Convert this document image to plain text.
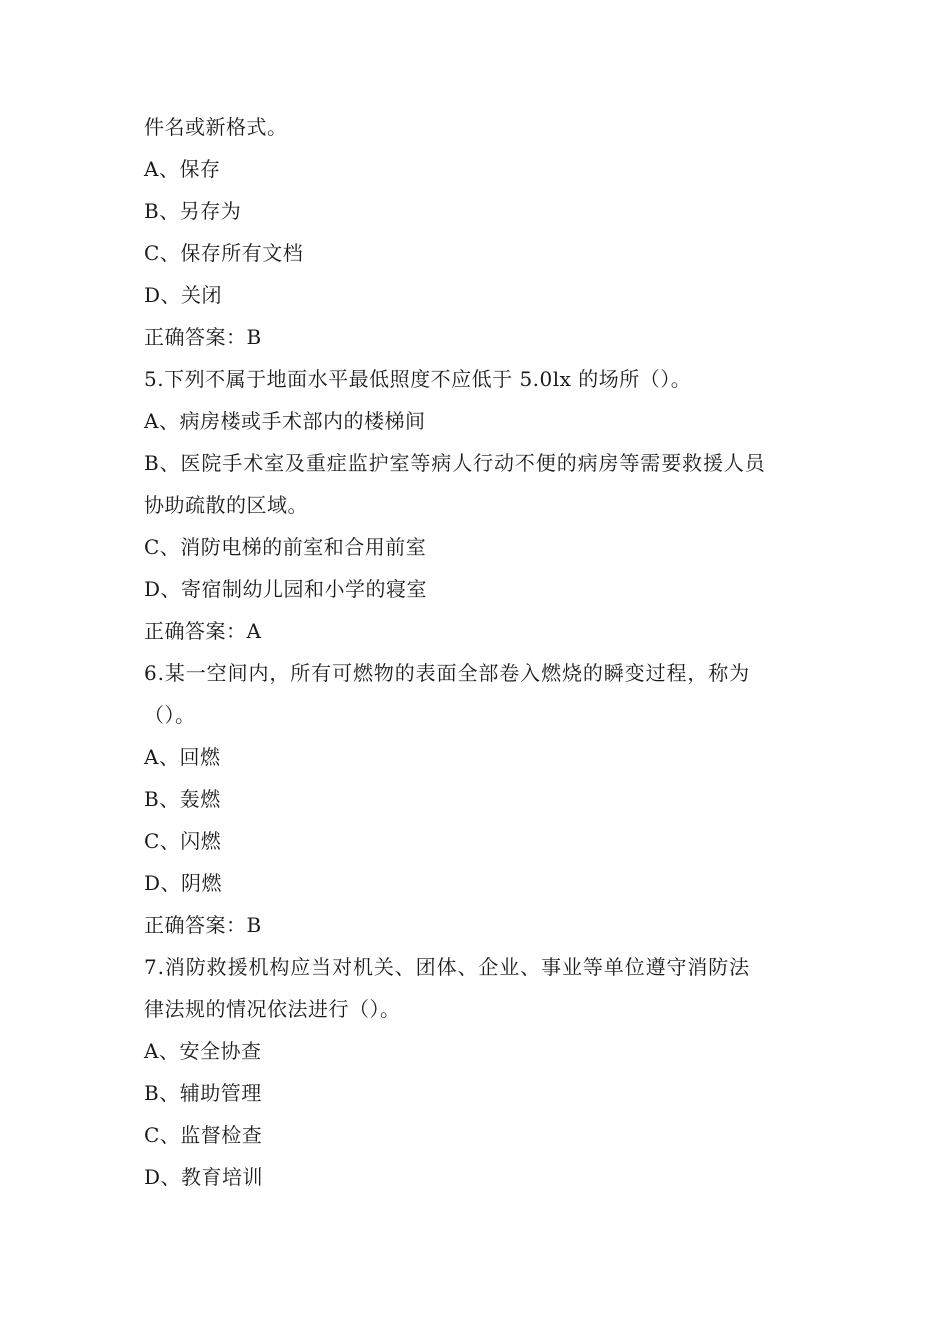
件名或新格式。
A、保存
B、另存为
C、保存所有文档
D、关闭
正确答案：B
5.下列不属于地面水平最低照度不应低于 5.0lx 的场所（）。
A、病房楼或手术部内的楼梯间
B、医院手术室及重症监护室等病人行动不便的病房等需要救援人员
协助疏散的区域。
C、消防电梯的前室和合用前室
D、寄宿制幼儿园和小学的寝室
正确答案：A
6.某一空间内，所有可燃物的表面全部卷入燃烧的瞬变过程，称为
（）。
A、回燃
B、轰燃
C、闪燃
D、阴燃
正确答案：B
7.消防救援机构应当对机关、团体、企业、事业等单位遵守消防法
律法规的情况依法进行（）。
A、安全协查
B、辅助管理
C、监督检查
D、教育培训
